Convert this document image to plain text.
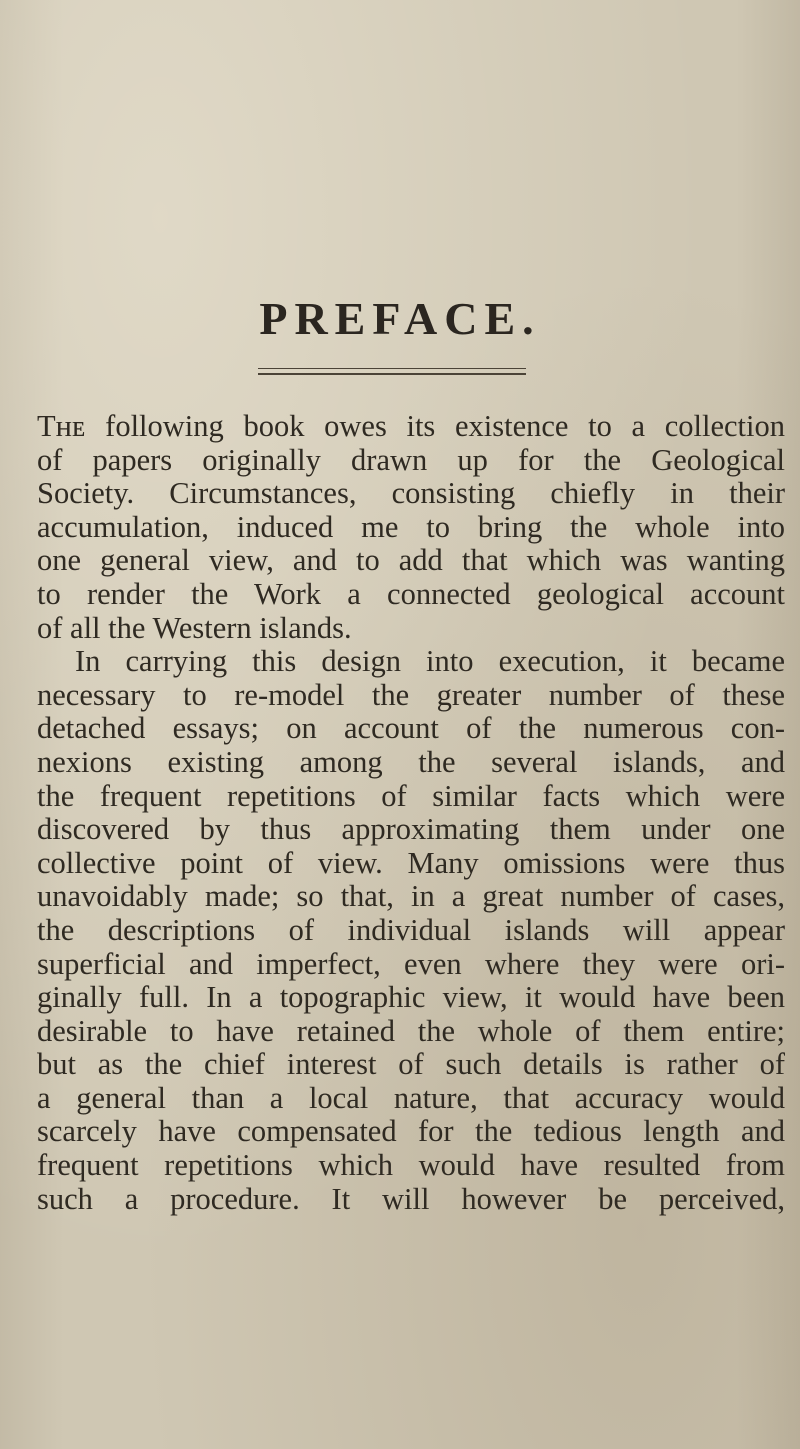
PREFACE.
Tʜᴇ following book owes its existence to a collection
of papers originally drawn up for the Geological
Society. Circumstances, consisting chiefly in their
accumulation, induced me to bring the whole into
one general view, and to add that which was wanting
to render the Work a connected geological account
of all the Western islands.
In carrying this design into execution, it became
necessary to re-model the greater number of these
detached essays; on account of the numerous con-
nexions existing among the several islands, and
the frequent repetitions of similar facts which were
discovered by thus approximating them under one
collective point of view. Many omissions were thus
unavoidably made; so that, in a great number of cases,
the descriptions of individual islands will appear
superficial and imperfect, even where they were ori-
ginally full. In a topographic view, it would have been
desirable to have retained the whole of them entire;
but as the chief interest of such details is rather of
a general than a local nature, that accuracy would
scarcely have compensated for the tedious length and
frequent repetitions which would have resulted from
such a procedure. It will however be perceived,
